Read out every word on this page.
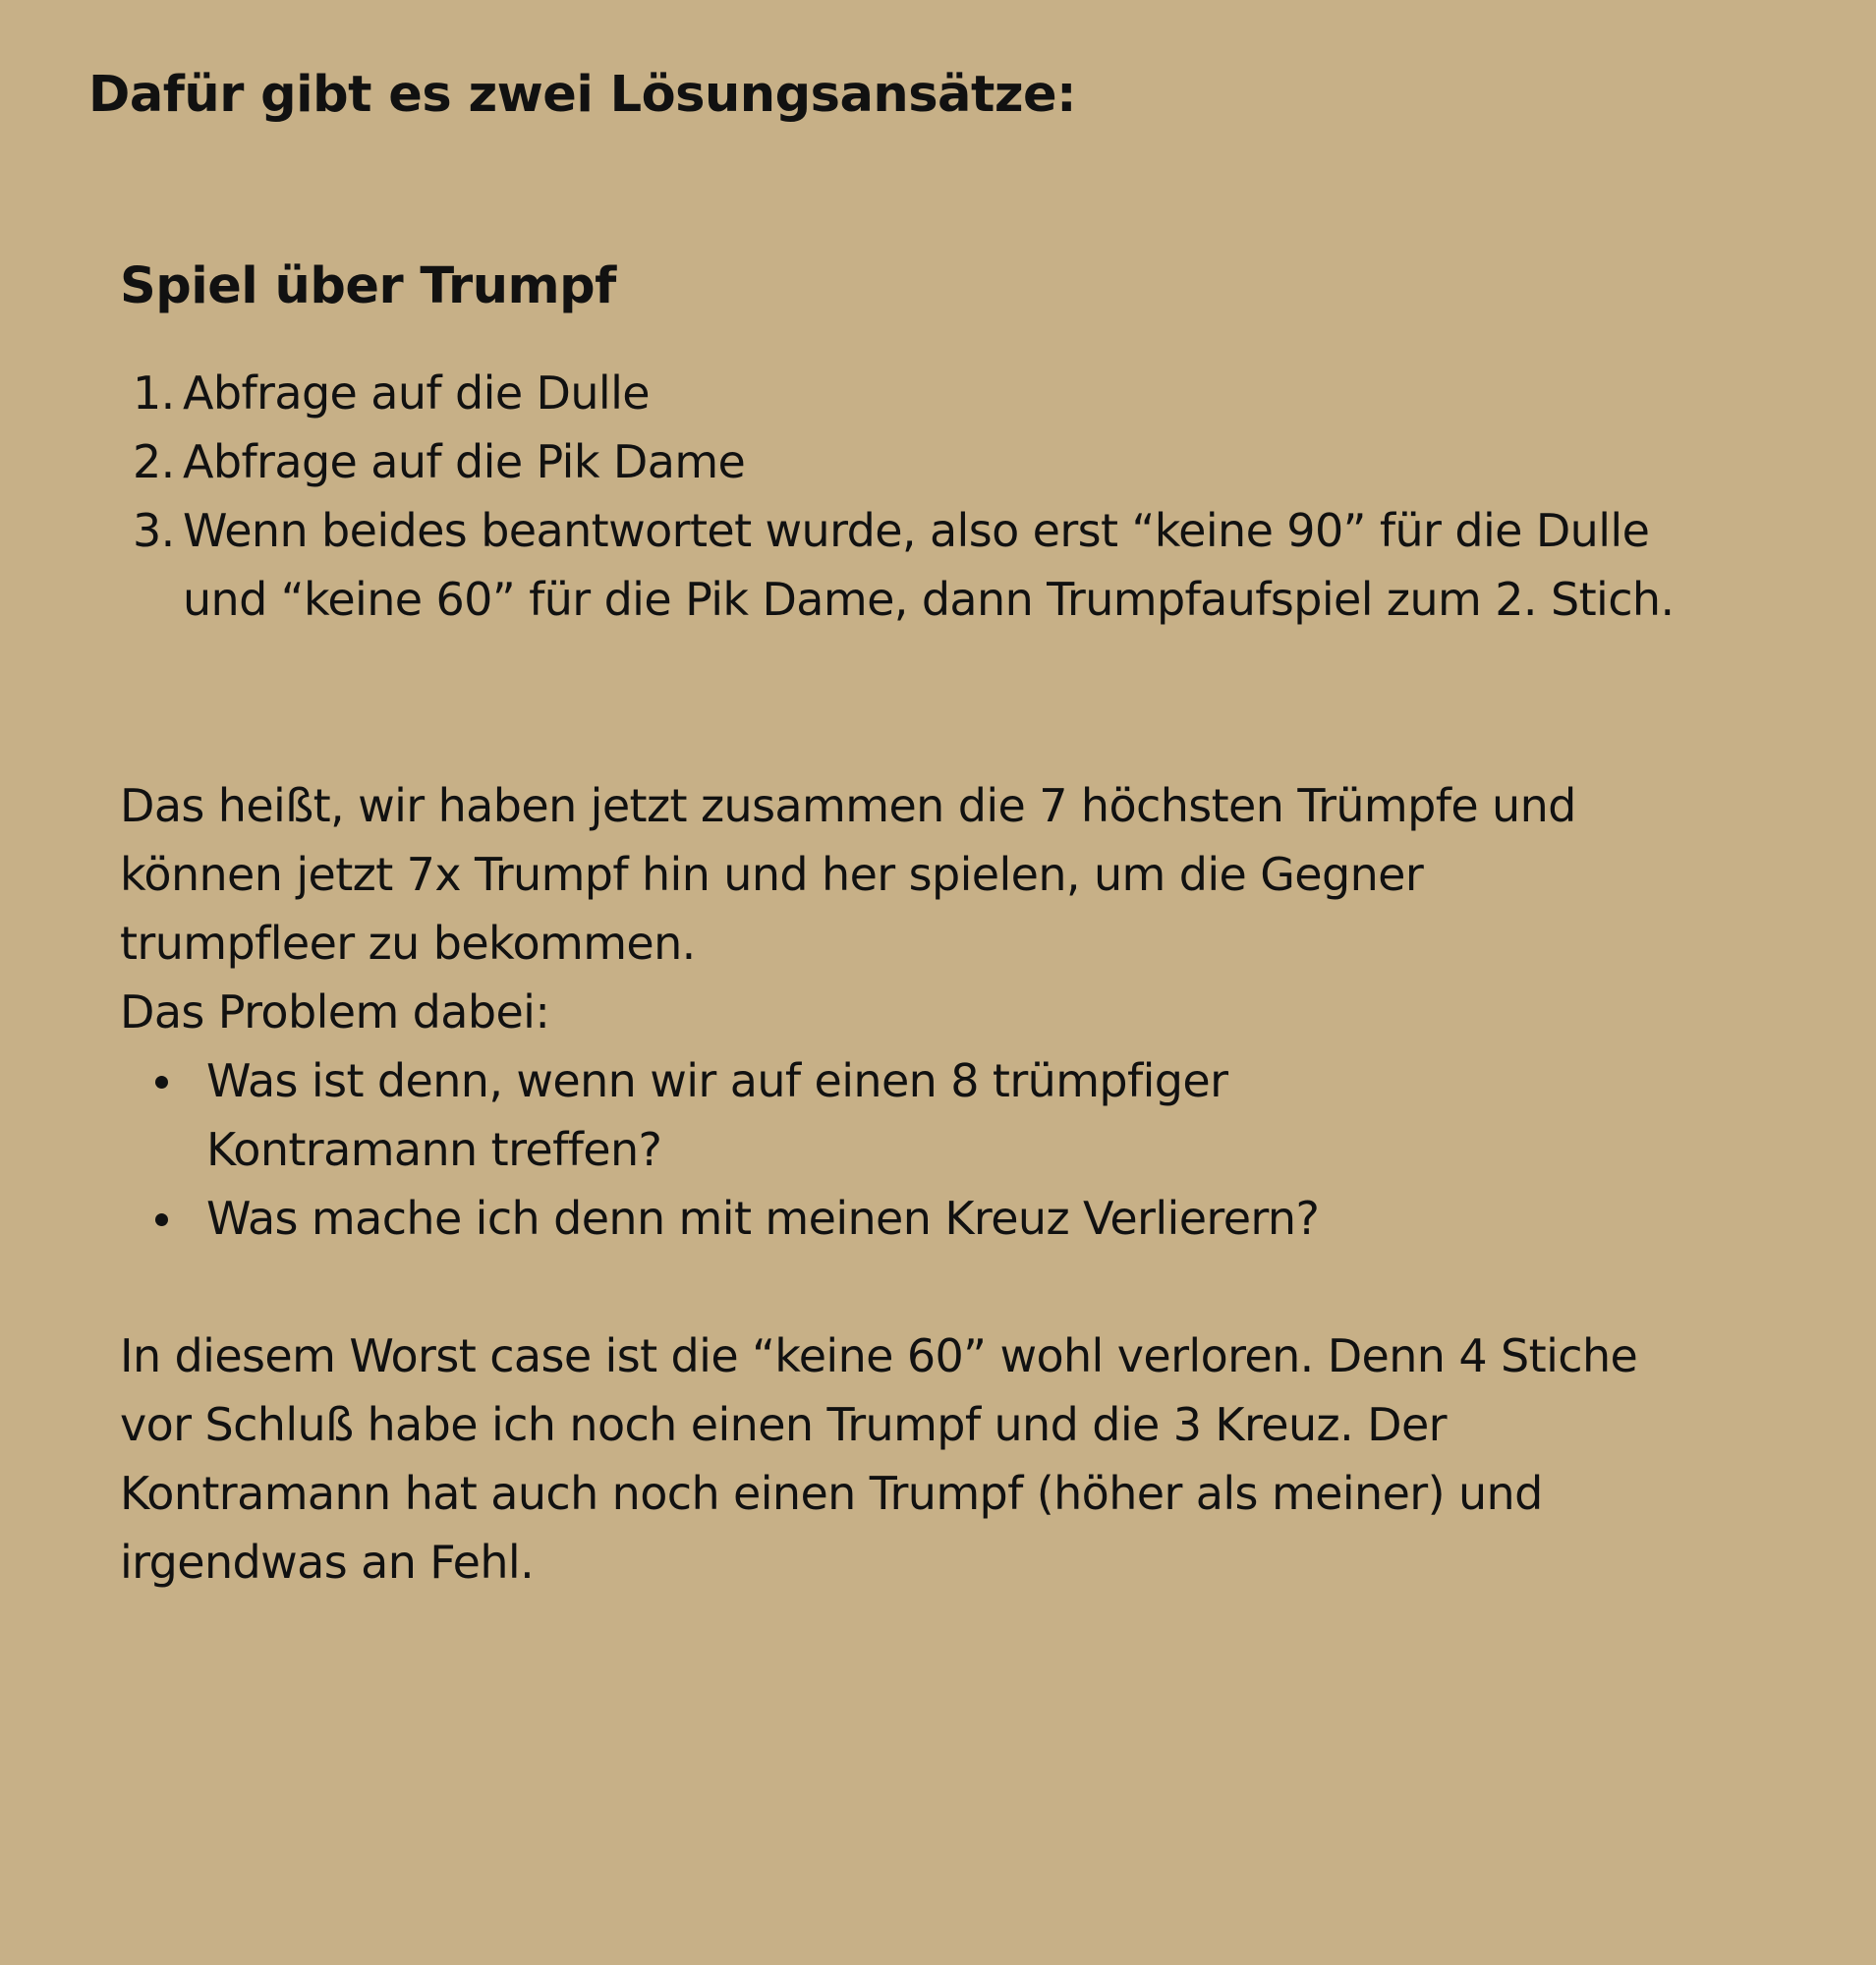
Dafür gibt es zwei Lösungsansätze:
Spiel über Trumpf
1. Abfrage auf die Dulle
2. Abfrage auf die Pik Dame
3. Wenn beides beantwortet wurde, also erst “keine 90” für die Dulle und “keine 60” für die Pik Dame, dann Trumpfaufspiel zum 2. Stich.

Das heißt, wir haben jetzt zusammen die 7 höchsten Trümpfe und können jetzt 7x Trumpf hin und her spielen, um die Gegner trumpfleer zu bekommen.

Das Problem dabei:

Was ist denn, wenn wir auf einen 8 trümpfiger Kontramann treffen?
Was mache ich denn mit meinen Kreuz Verlierern?

In diesem Worst case ist die “keine 60” wohl verloren. Denn 4 Stiche vor Schluß habe ich noch einen Trumpf und die 3 Kreuz. Der Kontramann hat auch noch einen Trumpf (höher als meiner) und irgendwas an Fehl.
